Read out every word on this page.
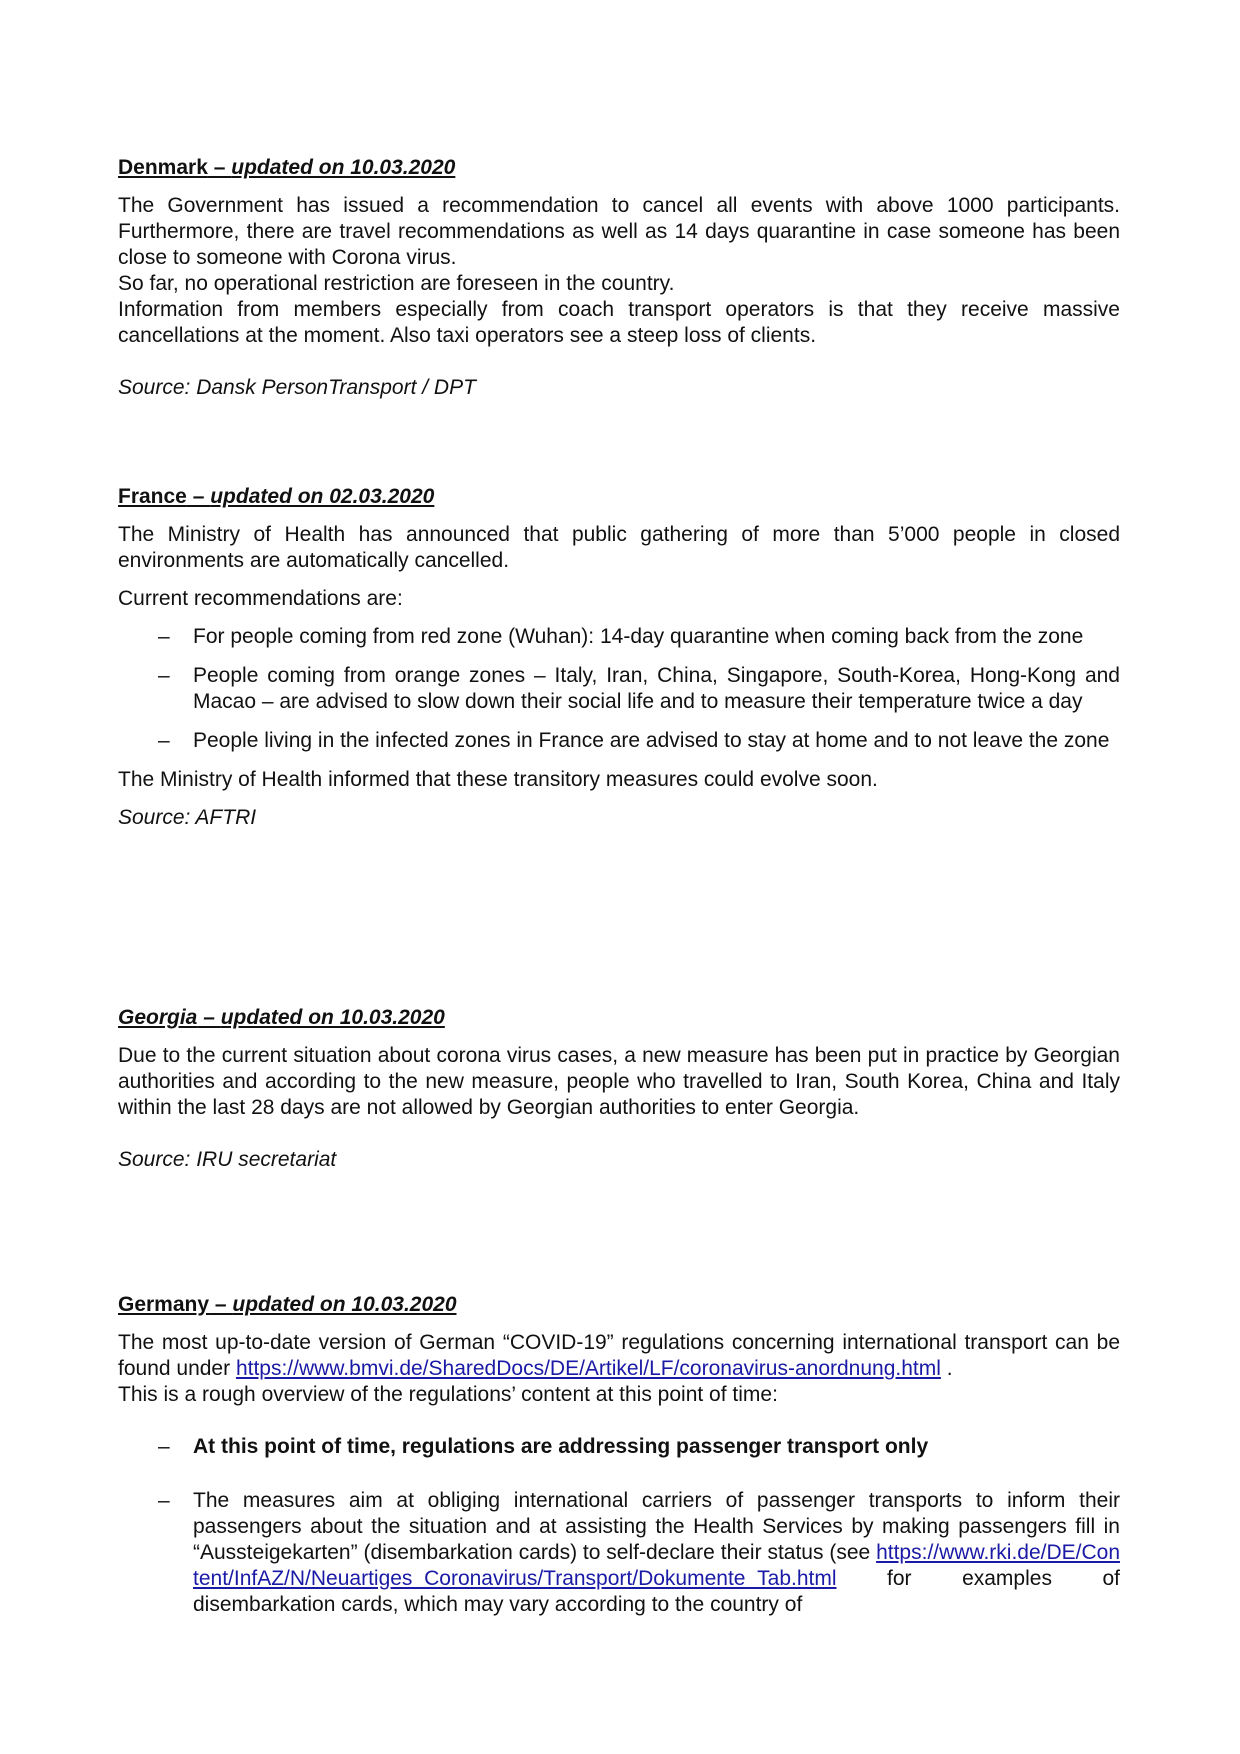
Denmark – updated on 10.03.2020

The Government has issued a recommendation to cancel all events with above 1000 participants. Furthermore, there are travel recommendations as well as 14 days quarantine in case someone has been close to someone with Corona virus.

So far, no operational restriction are foreseen in the country.

Information from members especially from coach transport operators is that they receive massive cancellations at the moment. Also taxi operators see a steep loss of clients.

Source: Dansk PersonTransport / DPT

France – updated on 02.03.2020

The Ministry of Health has announced that public gathering of more than 5’000 people in closed environments are automatically cancelled.

Current recommendations are:

– For people coming from red zone (Wuhan): 14-day quarantine when coming back from the zone
– People coming from orange zones – Italy, Iran, China, Singapore, South-Korea, Hong-Kong and Macao – are advised to slow down their social life and to measure their temperature twice a day
– People living in the infected zones in France are advised to stay at home and to not leave the zone

The Ministry of Health informed that these transitory measures could evolve soon.

Source: AFTRI

Georgia – updated on 10.03.2020

Due to the current situation about corona virus cases, a new measure has been put in practice by Georgian authorities and according to the new measure, people who travelled to Iran, South Korea, China and Italy within the last 28 days are not allowed by Georgian authorities to enter Georgia.

Source: IRU secretariat

Germany – updated on 10.03.2020

The most up-to-date version of German “COVID-19” regulations concerning international transport can be found under https://www.bmvi.de/SharedDocs/DE/Artikel/LF/coronavirus-anordnung.html .

This is a rough overview of the regulations’ content at this point of time:

– At this point of time, regulations are addressing passenger transport only
– The measures aim at obliging international carriers of passenger transports to inform their passengers about the situation and at assisting the Health Services by making passengers fill in “Aussteigekarten” (disembarkation cards) to self-declare their status (see https://www.rki.de/DE/Content/InfAZ/N/Neuartiges_Coronavirus/Transport/Dokumente_Tab.html for examples of disembarkation cards, which may vary according to the country of
